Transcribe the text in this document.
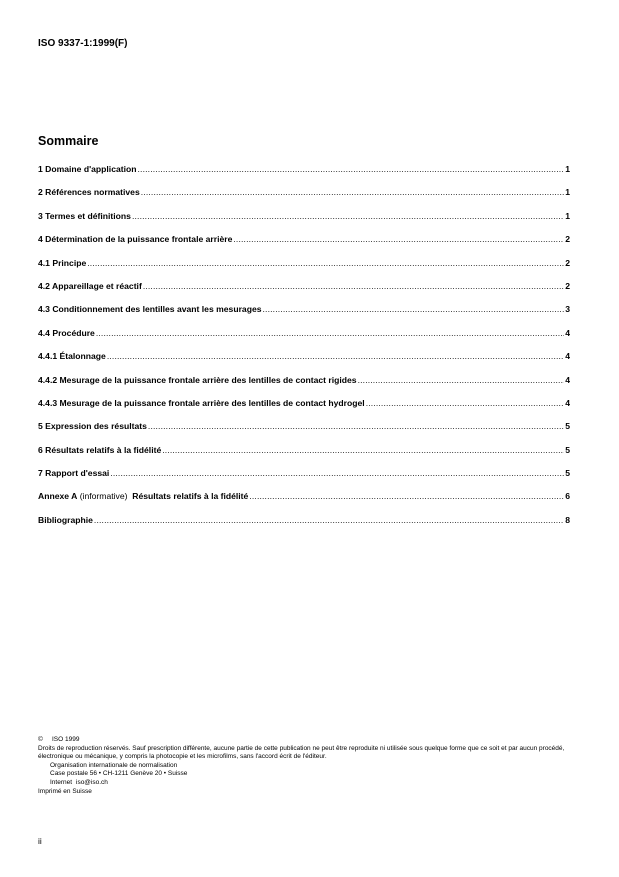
ISO 9337-1:1999(F)

Sommaire
1 Domaine d'application .....	1
2 Références normatives .....	1
3 Termes et définitions .....	1
4 Détermination de la puissance frontale arrière .....	2
4.1 Principe .....	2
4.2 Appareillage et réactif .....	2
4.3 Conditionnement des lentilles avant les mesurages .....	3
4.4 Procédure .....	4
4.4.1 Étalonnage .....	4
4.4.2 Mesurage de la puissance frontale arrière des lentilles de contact rigides .....	4
4.4.3 Mesurage de la puissance frontale arrière des lentilles de contact hydrogel .....	4
5 Expression des résultats .....	5
6 Résultats relatifs à la fidélité .....	5
7 Rapport d'essai .....	5
Annexe A
(informative)
Résultats relatifs à la fidélité .....	6
Bibliographie .....	8

© ISO 1999

Droits de reproduction réservés. Sauf prescription différente, aucune partie de cette publication ne peut être reproduite ni utilisée sous quelque forme que ce soit et par aucun procédé, électronique ou mécanique, y compris la photocopie et les microfilms, sans l'accord écrit de l'éditeur.

Organisation internationale de normalisation

Case postale 56 • CH-1211 Genève 20 • Suisse

Internet iso@iso.ch

Imprimé en Suisse

ii
